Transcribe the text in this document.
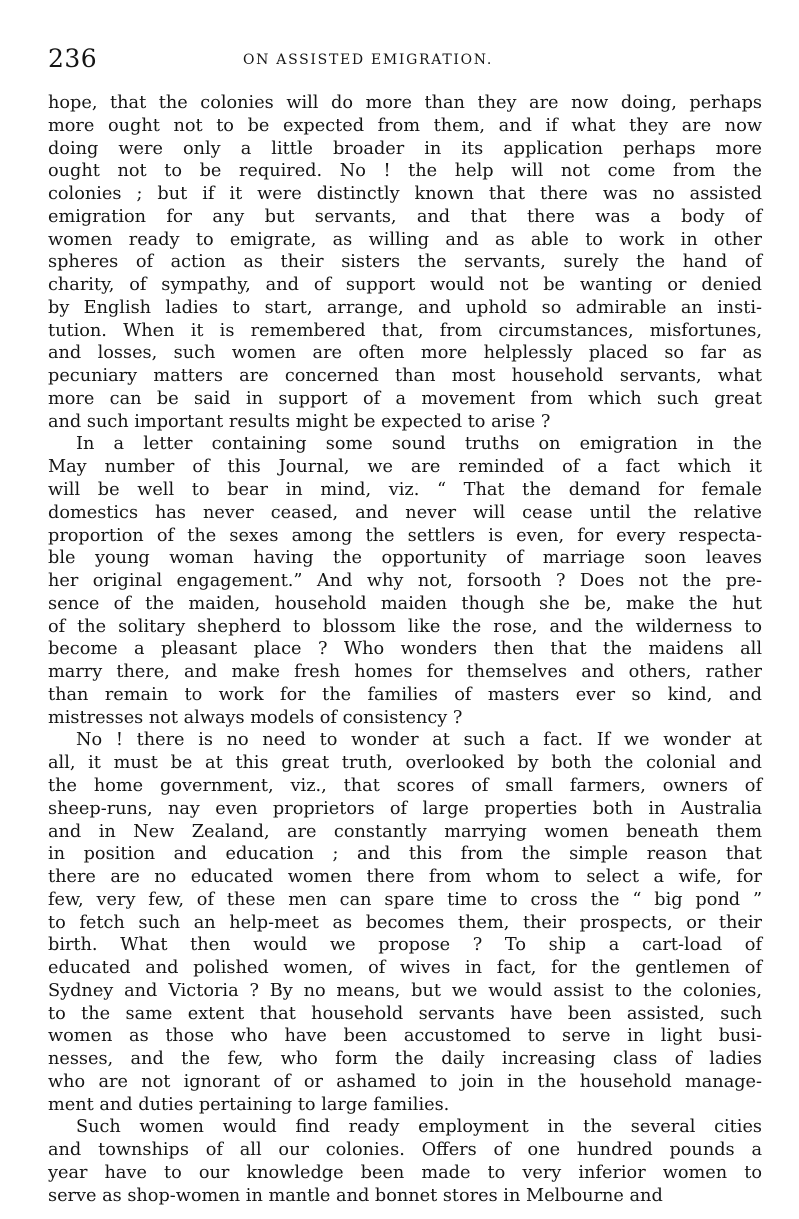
236	ON ASSISTED EMIGRATION.

hope, that the colonies will do more than they are now doing, perhaps
more ought not to be expected from them, and if what they are now
doing were only a little broader in its application perhaps more
ought not to be required. No ! the help will not come from the
colonies ; but if it were distinctly known that there was no assisted
emigration for any but servants, and that there was a body of
women ready to emigrate, as willing and as able to work in other
spheres of action as their sisters the servants, surely the hand of
charity, of sympathy, and of support would not be wanting or denied
by English ladies to start, arrange, and uphold so admirable an insti-
tution. When it is remembered that, from circumstances, misfortunes,
and losses, such women are often more helplessly placed so far as
pecuniary matters are concerned than most household servants, what
more can be said in support of a movement from which such great
and such important results might be expected to arise ?

In a letter containing some sound truths on emigration in the
May number of this Journal, we are reminded of a fact which it
will be well to bear in mind, viz. “ That the demand for female
domestics has never ceased, and never will cease until the relative
proportion of the sexes among the settlers is even, for every respecta-
ble young woman having the opportunity of marriage soon leaves
her original engagement.” And why not, forsooth ? Does not the pre-
sence of the maiden, household maiden though she be, make the hut
of the solitary shepherd to blossom like the rose, and the wilderness to
become a pleasant place ? Who wonders then that the maidens all
marry there, and make fresh homes for themselves and others, rather
than remain to work for the families of masters ever so kind, and
mistresses not always models of consistency ?

No ! there is no need to wonder at such a fact. If we wonder at
all, it must be at this great truth, overlooked by both the colonial and
the home government, viz., that scores of small farmers, owners of
sheep-runs, nay even proprietors of large properties both in Australia
and in New Zealand, are constantly marrying women beneath them
in position and education ; and this from the simple reason that
there are no educated women there from whom to select a wife, for
few, very few, of these men can spare time to cross the “ big pond ”
to fetch such an help-meet as becomes them, their prospects, or their
birth. What then would we propose ? To ship a cart-load of
educated and polished women, of wives in fact, for the gentlemen of
Sydney and Victoria ? By no means, but we would assist to the colonies,
to the same extent that household servants have been assisted, such
women as those who have been accustomed to serve in light busi-
nesses, and the few, who form the daily increasing class of ladies
who are not ignorant of or ashamed to join in the household manage-
ment and duties pertaining to large families.

Such women would find ready employment in the several cities
and townships of all our colonies. Offers of one hundred pounds a
year have to our knowledge been made to very inferior women to
serve as shop-women in mantle and bonnet stores in Melbourne and
